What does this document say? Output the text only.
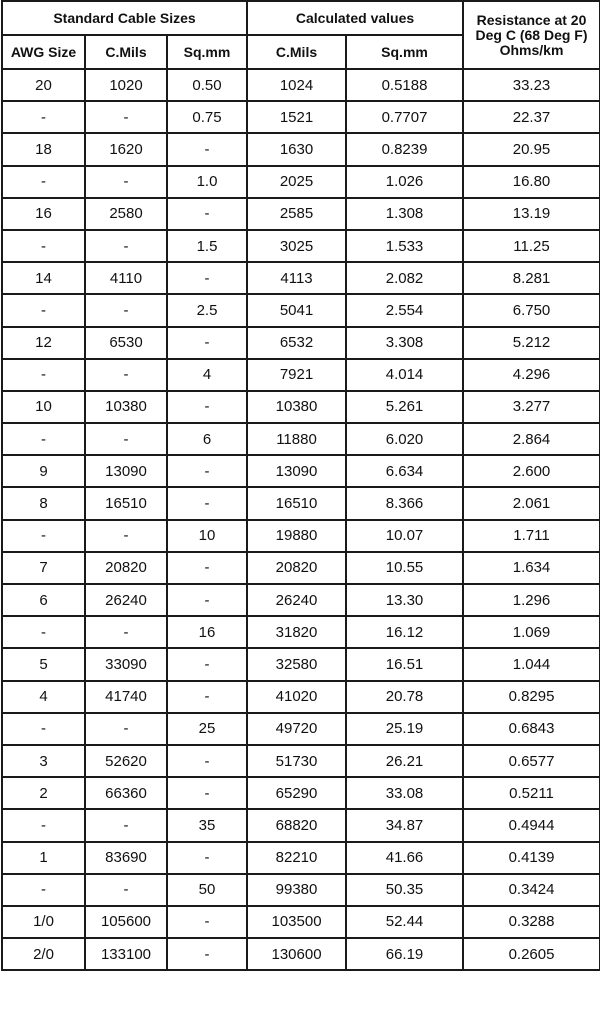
Standard Cable Sizes			Calculated values		Resistance at 20 Deg C (68 Deg F) Ohms/km
AWG Size	C.Mils	Sq.mm	C.Mils	Sq.mm	
20	1020	0.50	1024	0.5188	33.23
-	-	0.75	1521	0.7707	22.37
18	1620	-	1630	0.8239	20.95
-	-	1.0	2025	1.026	16.80
16	2580	-	2585	1.308	13.19
-	-	1.5	3025	1.533	11.25
14	4110	-	4113	2.082	8.281
-	-	2.5	5041	2.554	6.750
12	6530	-	6532	3.308	5.212
-	-	4	7921	4.014	4.296
10	10380	-	10380	5.261	3.277
-	-	6	11880	6.020	2.864
9	13090	-	13090	6.634	2.600
8	16510	-	16510	8.366	2.061
-	-	10	19880	10.07	1.711
7	20820	-	20820	10.55	1.634
6	26240	-	26240	13.30	1.296
-	-	16	31820	16.12	1.069
5	33090	-	32580	16.51	1.044
4	41740	-	41020	20.78	0.8295
-	-	25	49720	25.19	0.6843
3	52620	-	51730	26.21	0.6577
2	66360	-	65290	33.08	0.5211
-	-	35	68820	34.87	0.4944
1	83690	-	82210	41.66	0.4139
-	-	50	99380	50.35	0.3424
1/0	105600	-	103500	52.44	0.3288
2/0	133100	-	130600	66.19	0.2605
